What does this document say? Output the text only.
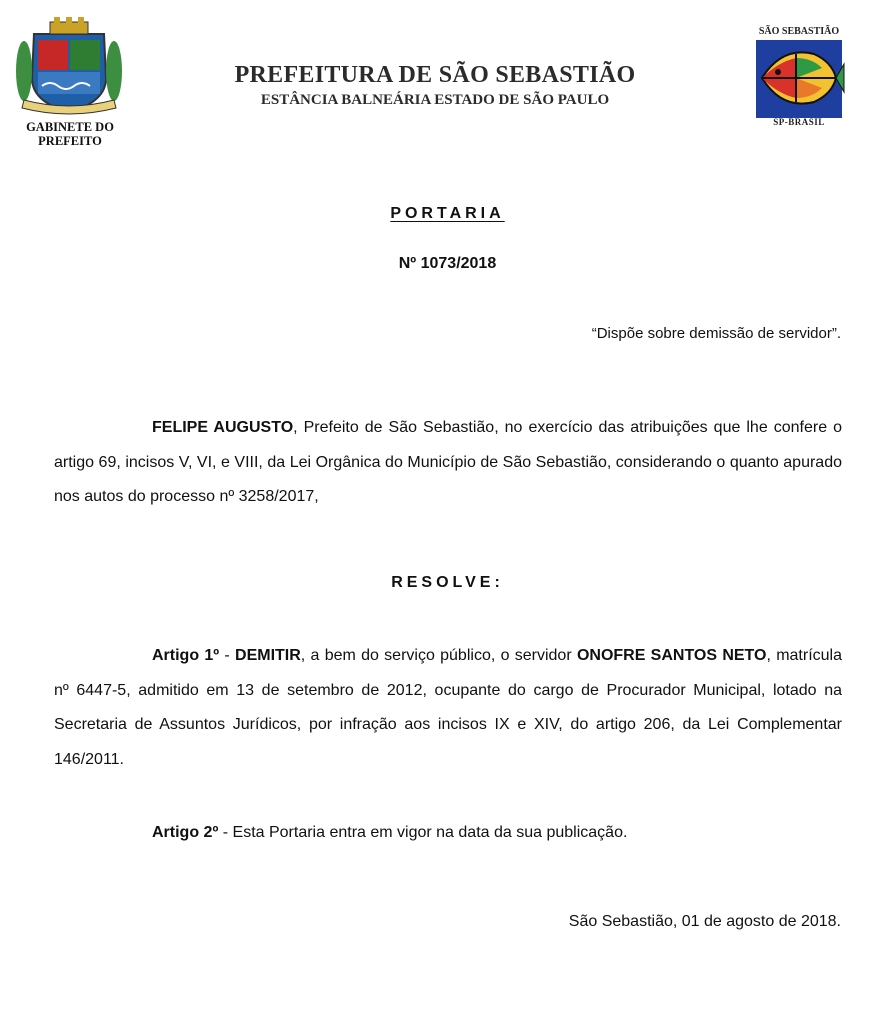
GABINETE DO
PREFEITO
PREFEITURA DE SÃO SEBASTIÃO
ESTÂNCIA BALNEÁRIA ESTADO DE SÃO PAULO
SÃO SEBASTIÃO
SP-BRASIL
PORTARIA
Nº 1073/2018
“Dispõe sobre demissão de servidor”.
FELIPE AUGUSTO, Prefeito de São Sebastião, no exercício das atribuições que lhe confere o artigo 69, incisos V, VI, e VIII, da Lei Orgânica do Município de São Sebastião, considerando o quanto apurado nos autos do processo nº 3258/2017,
RESOLVE:
Artigo 1º - DEMITIR, a bem do serviço público, o servidor ONOFRE SANTOS NETO, matrícula nº 6447-5, admitido em 13 de setembro de 2012, ocupante do cargo de Procurador Municipal, lotado na Secretaria de Assuntos Jurídicos, por infração aos incisos IX e XIV, do artigo 206, da Lei Complementar 146/2011.
Artigo 2º - Esta Portaria entra em vigor na data da sua publicação.
São Sebastião, 01 de agosto de 2018.
